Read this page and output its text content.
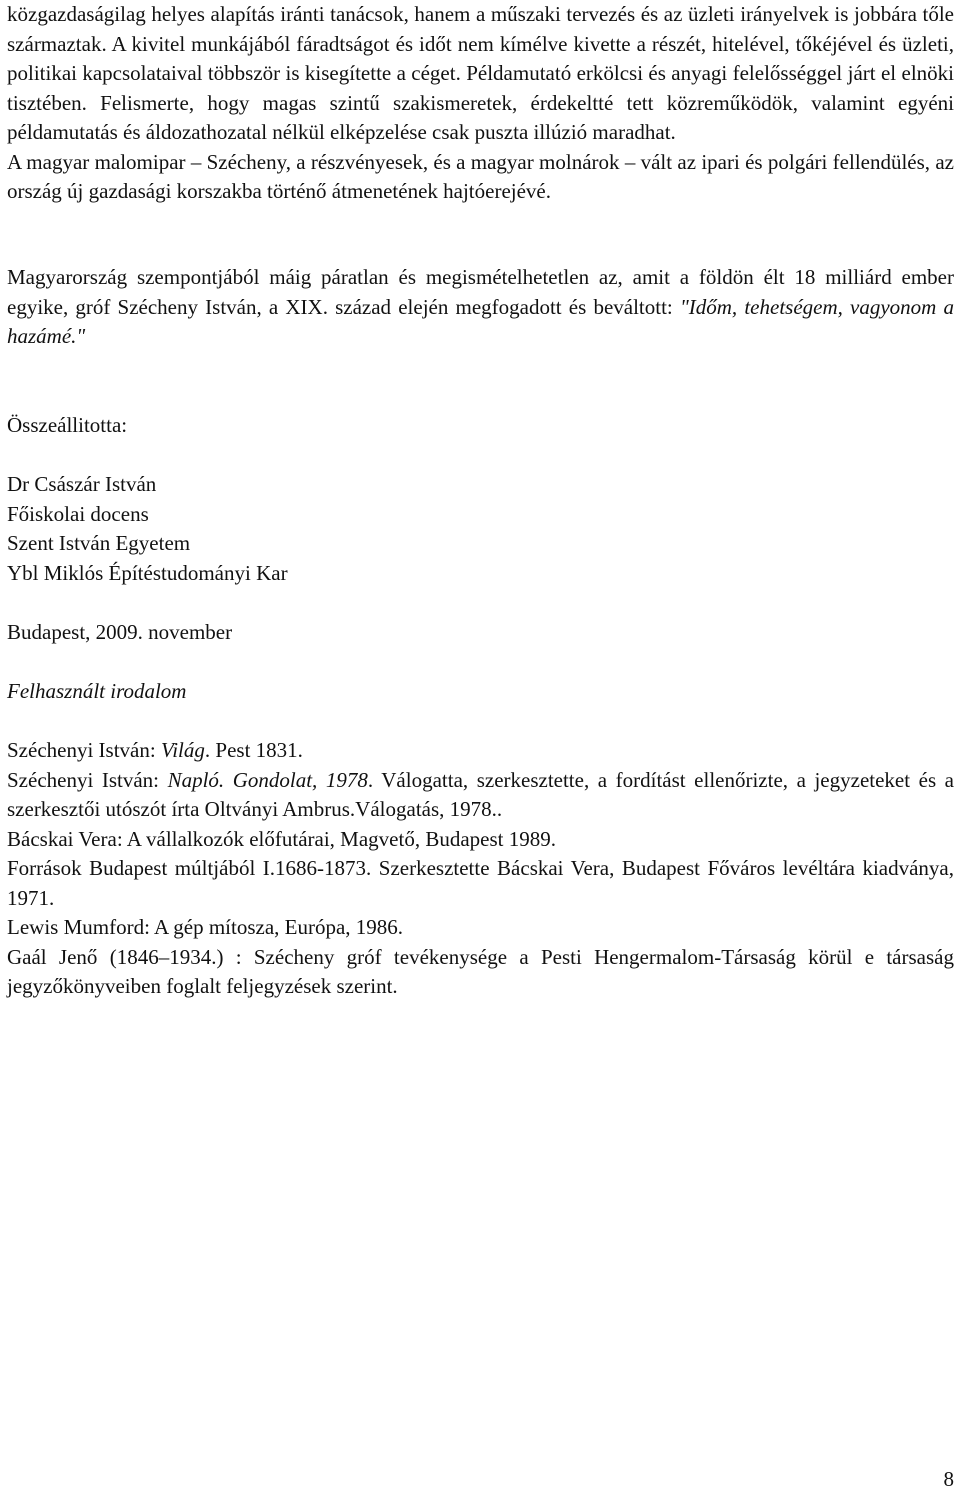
közgazdaságilag helyes alapítás iránti tanácsok, hanem a műszaki tervezés és az üzleti irányelvek is jobbára tőle származtak. A kivitel munkájából fáradtságot és időt nem kímélve kivette a részét, hitelével, tőkéjével és üzleti, politikai kapcsolataival többször is kisegítette a céget. Példamutató erkölcsi és anyagi felelősséggel járt el elnöki tisztében. Felismerte, hogy magas szintű szakismeretek, érdekeltté tett közreműködök, valamint egyéni példamutatás és áldozathozatal nélkül elképzelése csak puszta illúzió maradhat.

A magyar malomipar – Szécheny, a részvényesek, és a magyar molnárok – vált az ipari és polgári fellendülés, az ország új gazdasági korszakba történő átmenetének hajtóerejévé.

Magyarország szempontjából máig páratlan és megismételhetetlen az, amit a földön élt 18 milliárd ember egyike, gróf Szécheny István, a XIX. század elején megfogadott és beváltott: "Időm, tehetségem, vagyonom a hazámé."

Összeállitotta:
Dr Császár István
Főiskolai docens
Szent István Egyetem
Ybl Miklós Építéstudományi Kar
Budapest, 2009. november
Felhasznált irodalom
Széchenyi István: Világ. Pest 1831.
Széchenyi István: Napló. Gondolat, 1978. Válogatta, szerkesztette, a fordítást ellenőrizte, a jegyzeteket és a szerkesztői utószót írta Oltványi Ambrus.Válogatás, 1978..
Bácskai Vera: A vállalkozók előfutárai, Magvető, Budapest 1989.
Források Budapest múltjából I.1686-1873. Szerkesztette Bácskai Vera, Budapest Főváros levéltára kiadványa, 1971.
Lewis Mumford: A gép mítosza, Európa, 1986.
Gaál Jenő (1846–1934.) : Szécheny gróf tevékenysége a Pesti Hengermalom-Társaság körül e társaság jegyzőkönyveiben foglalt feljegyzések szerint.
8
